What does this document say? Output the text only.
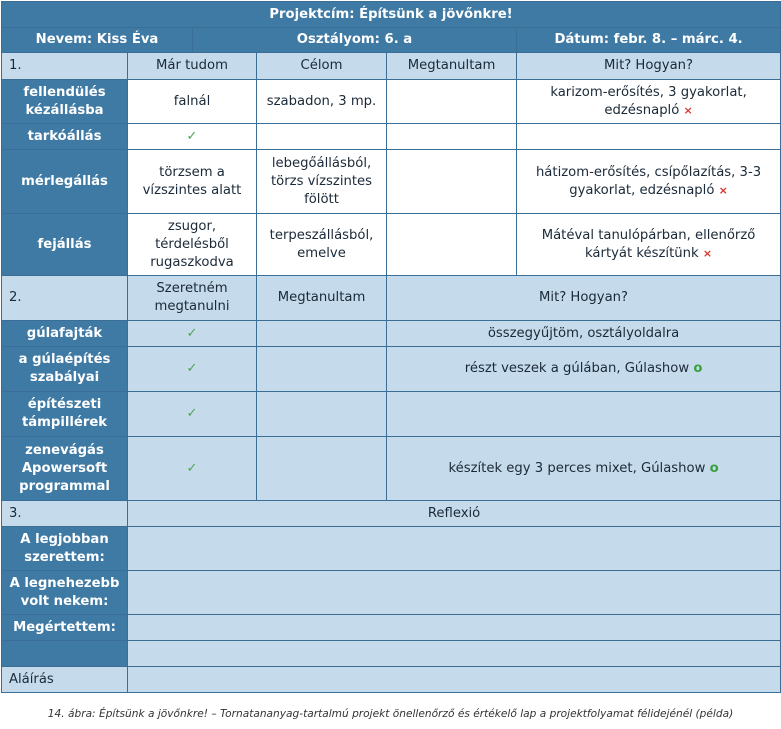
Projektcím: Építsünk a jövőnkre!					
Nevem: Kiss Éva		Osztályom: 6. a			Dátum: febr. 8. – márc. 4.
1.	Már tudom		Célom	Megtanultam	Mit? Hogyan?
fellendülés kézállásba	falnál		szabadon, 3 mp.		karizom-erősítés, 3 gyakorlat, edzésnapló ×
tarkóállás	✓				
mérlegállás	törzsem a vízszintes alatt		lebegőállásból, törzs vízszintes fölött		hátizom-erősítés, csípőlazítás, 3-3 gyakorlat, edzésnapló ×
fejállás	zsugor, térdelésből rugaszkodva		terpeszállásból, emelve		Mátéval tanulópárban, ellenőrző kártyát készítünk ×
2.	Szeretném megtanulni		Megtanultam	Mit? Hogyan?	
gúlafajták	✓			összegyűjtöm, osztályoldalra	
a gúlaépítés szabályai	✓			részt veszek a gúlában, Gúlashow o	
építészeti támpillérek	✓				
zenevágás Apowersoft programmal	✓			készítek egy 3 perces mixet, Gúlashow o	
3.	Reflexió				
A legjobban szerettem:					
A legnehezebb volt nekem:					
Megértettem:					

Aláírás					
14. ábra: Építsünk a jövőnkre! – Tornatananyag-tartalmú projekt önellenőrző és értékelő lap a projektfolyamat félidejénél (példa)
